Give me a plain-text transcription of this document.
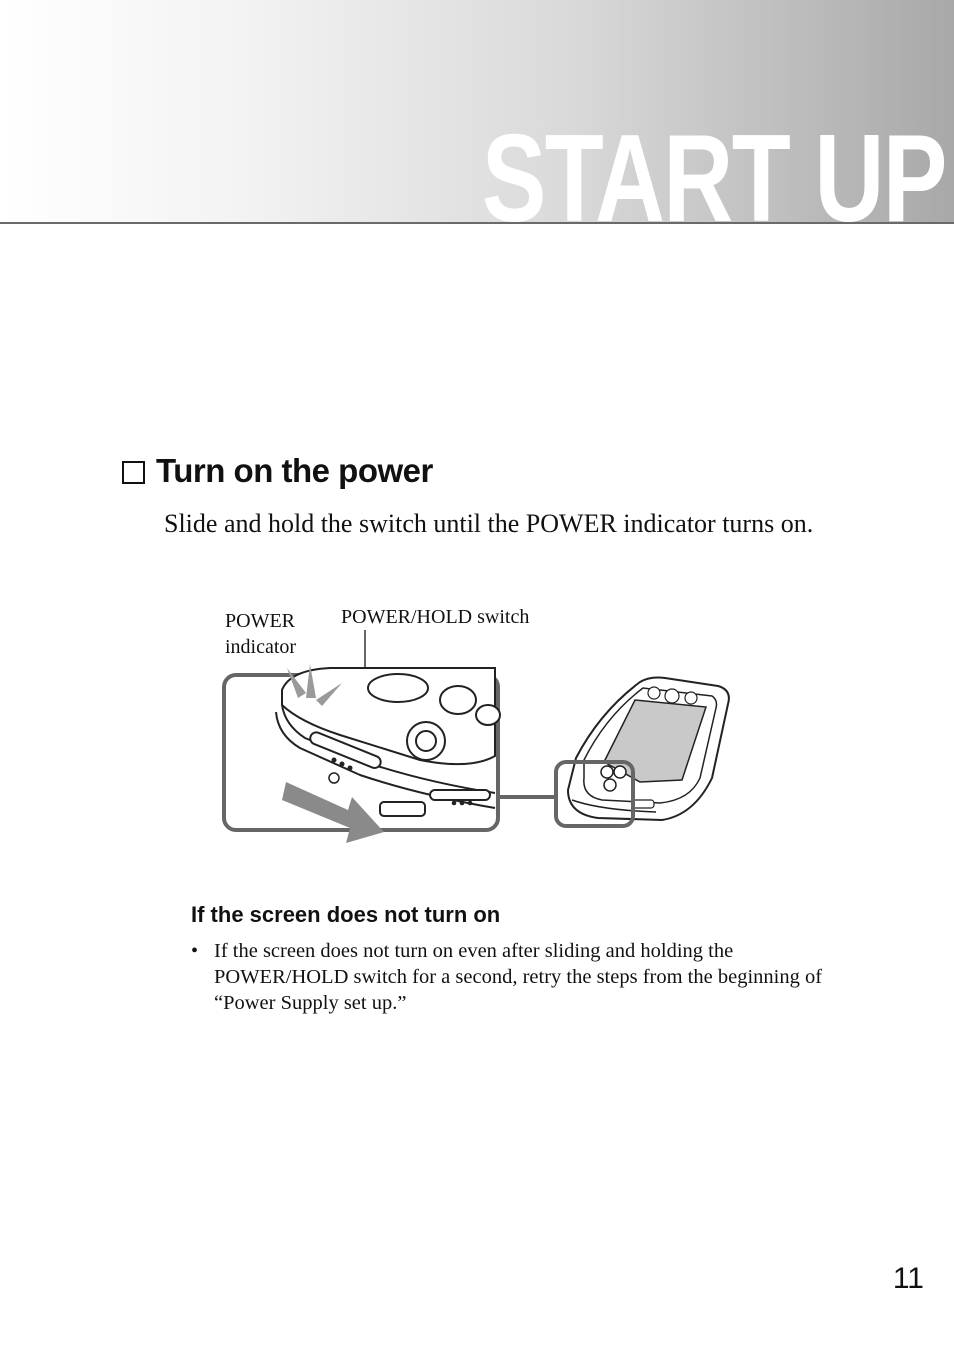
START UP
Turn on the power
Slide and hold the switch until the POWER indicator turns on.
POWER
indicator
POWER/HOLD switch
If the screen does not turn on
• If the screen does not turn on even after sliding and holding the POWER/HOLD switch for a second, retry the steps from the beginning of “Power Supply set up.”
11
